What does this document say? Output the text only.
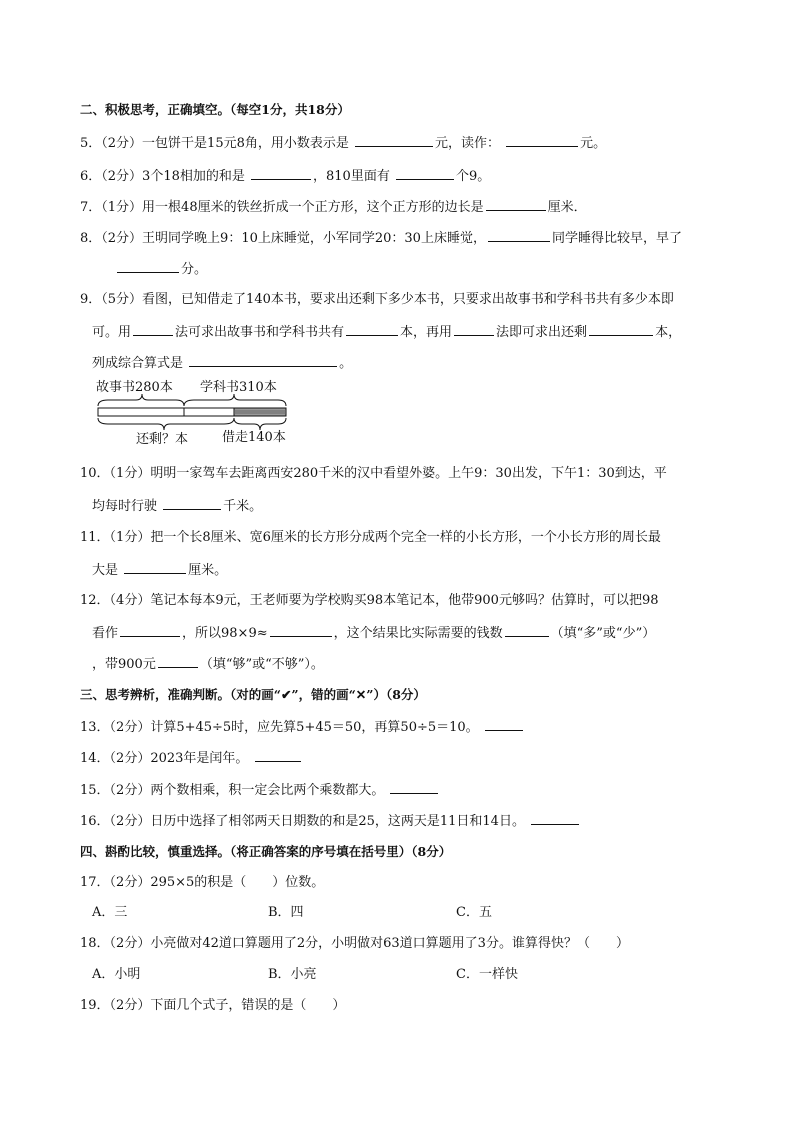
二、积极思考，正确填空。（每空1分，共18分）
5．（2分）一包饼干是15元8角，用小数表示是	元，读作：	元。
6．（2分）3个18相加的和是	，810里面有	个9。
7．（1分）用一根48厘米的铁丝折成一个正方形，这个正方形的边长是	厘米．
8．（2分）王明同学晚上9：10上床睡觉，小军同学20：30上床睡觉，	同学睡得比较早，早了
分。
9．（5分）看图，已知借走了140本书，要求出还剩下多少本书，只要求出故事书和学科书共有多少本即
可。用	法可求出故事书和学科书共有	本，再用	法即可求出还剩	本，
列成综合算式是	。
故事书280本 学科书310本
还剩？本	借走140本
10．（1分）明明一家驾车去距离西安280千米的汉中看望外婆。上午9：30出发，下午1：30到达，平
均每时行驶	千米。
11．（1分）把一个长8厘米、宽6厘米的长方形分成两个完全一样的小长方形，一个小长方形的周长最
大是	厘米。
12．（4分）笔记本每本9元，王老师要为学校购买98本笔记本，他带900元够吗？估算时，可以把98
看作	，所以98×9≈	，这个结果比实际需要的钱数	（填“多”或“少”）
，带900元	（填“够”或“不够”）。
三、思考辨析，准确判断。（对的画“✔”，错的画“✕”）（8分）
13．（2分）计算5+45÷5时，应先算5+45＝50，再算50÷5＝10。
14．（2分）2023年是闰年。
15．（2分）两个数相乘，积一定会比两个乘数都大。
16．（2分）日历中选择了相邻两天日期数的和是25，这两天是11日和14日。
四、斟酌比较，慎重选择。（将正确答案的序号填在括号里）（8分）
17．（2分）295×5的积是（　　）位数。
A．三	B．四	C．五
18．（2分）小亮做对42道口算题用了2分，小明做对63道口算题用了3分。谁算得快？（　　）
A．小明	B．小亮	C．一样快
19．（2分）下面几个式子，错误的是（　　）
